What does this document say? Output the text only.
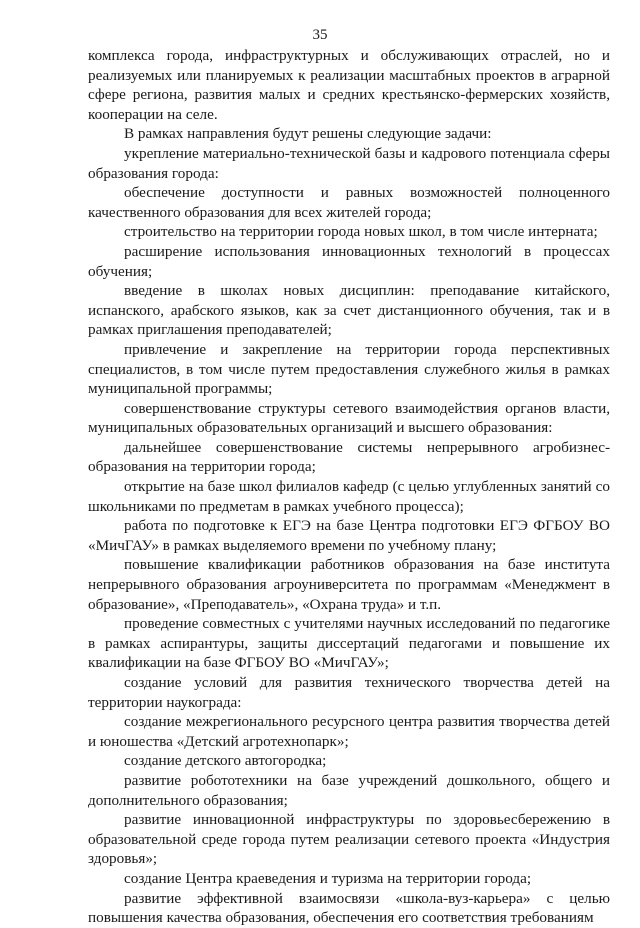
35

комплекса города, инфраструктурных и обслуживающих отраслей, но и реализуемых или планируемых к реализации масштабных проектов в аграрной сфере региона, развития малых и средних крестьянско-фермерских хозяйств, кооперации на селе.

В рамках направления будут решены следующие задачи:

укрепление материально-технической базы и кадрового потенциала сферы образования города:

обеспечение доступности и равных возможностей полноценного качественного образования для всех жителей города;

строительство на территории города новых школ, в том числе интерната;

расширение использования инновационных технологий в процессах обучения;

введение в школах новых дисциплин: преподавание китайского, испанского, арабского языков, как за счет дистанционного обучения, так и в рамках приглашения преподавателей;

привлечение и закрепление на территории города перспективных специалистов, в том числе путем предоставления служебного жилья в рамках муниципальной программы;

совершенствование структуры сетевого взаимодействия органов власти, муниципальных образовательных организаций и высшего образования:

дальнейшее совершенствование системы непрерывного агробизнес-образования на территории города;

открытие на базе школ филиалов кафедр (с целью углубленных занятий со школьниками по предметам в рамках учебного процесса);

работа по подготовке к ЕГЭ на базе Центра подготовки ЕГЭ ФГБОУ ВО «МичГАУ» в рамках выделяемого времени по учебному плану;

повышение квалификации работников образования на базе института непрерывного образования агроуниверситета по программам «Менеджмент в образование», «Преподаватель», «Охрана труда» и т.п.

проведение совместных с учителями научных исследований по педагогике в рамках аспирантуры, защиты диссертаций педагогами и повышение их квалификации на базе ФГБОУ ВО «МичГАУ»;

создание условий для развития технического творчества детей на территории наукограда:

создание межрегионального ресурсного центра развития творчества детей и юношества «Детский агротехнопарк»;

создание детского автогородка;

развитие робототехники на базе учреждений дошкольного, общего и дополнительного образования;

развитие инновационной инфраструктуры по здоровьесбережению в образовательной среде города путем реализации сетевого проекта «Индустрия здоровья»;

создание Центра краеведения и туризма на территории города;

развитие эффективной взаимосвязи «школа-вуз-карьера» с целью повышения качества образования, обеспечения его соответствия требованиям
